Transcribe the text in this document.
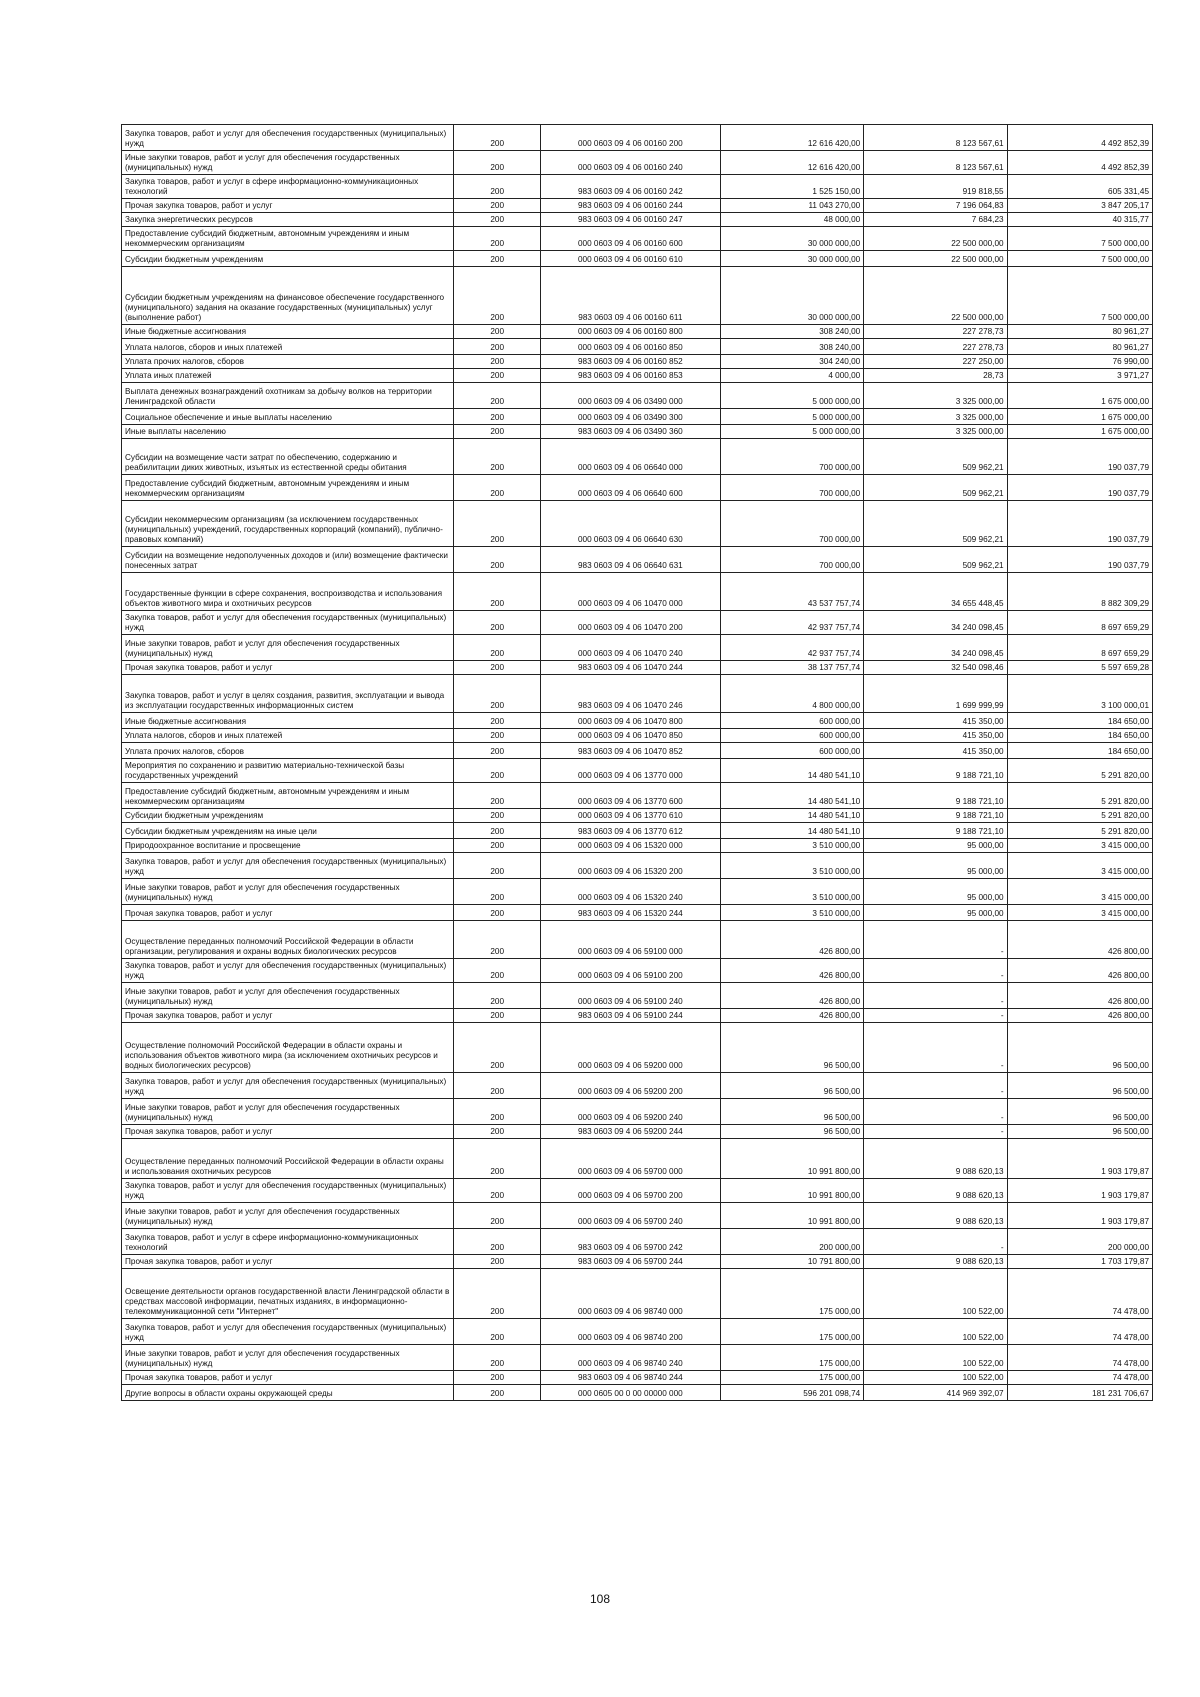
Закупка товаров, работ и услуг для обеспечения государственных (муниципальных) нужд	200	000 0603 09 4 06 00160 200	12 616 420,00	8 123 567,61	4 492 852,39
Иные закупки товаров, работ и услуг для обеспечения государственных (муниципальных) нужд	200	000 0603 09 4 06 00160 240	12 616 420,00	8 123 567,61	4 492 852,39
Закупка товаров, работ и услуг в сфере информационно-коммуникационных технологий	200	983 0603 09 4 06 00160 242	1 525 150,00	919 818,55	605 331,45
Прочая закупка товаров, работ и услуг	200	983 0603 09 4 06 00160 244	11 043 270,00	7 196 064,83	3 847 205,17
Закупка энергетических ресурсов	200	983 0603 09 4 06 00160 247	48 000,00	7 684,23	40 315,77
Предоставление субсидий бюджетным, автономным учреждениям и иным некоммерческим организациям	200	000 0603 09 4 06 00160 600	30 000 000,00	22 500 000,00	7 500 000,00
Субсидии бюджетным учреждениям	200	000 0603 09 4 06 00160 610	30 000 000,00	22 500 000,00	7 500 000,00
Субсидии бюджетным учреждениям на финансовое обеспечение государственного (муниципального) задания на оказание государственных (муниципальных) услуг (выполнение работ)	200	983 0603 09 4 06 00160 611	30 000 000,00	22 500 000,00	7 500 000,00
Иные бюджетные ассигнования	200	000 0603 09 4 06 00160 800	308 240,00	227 278,73	80 961,27
Уплата налогов, сборов и иных платежей	200	000 0603 09 4 06 00160 850	308 240,00	227 278,73	80 961,27
Уплата прочих налогов, сборов	200	983 0603 09 4 06 00160 852	304 240,00	227 250,00	76 990,00
Уплата иных платежей	200	983 0603 09 4 06 00160 853	4 000,00	28,73	3 971,27
Выплата денежных вознаграждений охотникам за добычу волков на территории Ленинградской области	200	000 0603 09 4 06 03490 000	5 000 000,00	3 325 000,00	1 675 000,00
Социальное обеспечение и иные выплаты населению	200	000 0603 09 4 06 03490 300	5 000 000,00	3 325 000,00	1 675 000,00
Иные выплаты населению	200	983 0603 09 4 06 03490 360	5 000 000,00	3 325 000,00	1 675 000,00
Субсидии на возмещение части затрат по обеспечению, содержанию и реабилитации диких животных, изъятых из естественной среды обитания	200	000 0603 09 4 06 06640 000	700 000,00	509 962,21	190 037,79
Предоставление субсидий бюджетным, автономным учреждениям и иным некоммерческим организациям	200	000 0603 09 4 06 06640 600	700 000,00	509 962,21	190 037,79
Субсидии некоммерческим организациям (за исключением государственных (муниципальных) учреждений, государственных корпораций (компаний), публично-правовых компаний)	200	000 0603 09 4 06 06640 630	700 000,00	509 962,21	190 037,79
Субсидии на возмещение недополученных доходов и (или) возмещение фактически понесенных затрат	200	983 0603 09 4 06 06640 631	700 000,00	509 962,21	190 037,79
Государственные функции в сфере сохранения, воспроизводства и использования объектов животного мира и охотничьих ресурсов	200	000 0603 09 4 06 10470 000	43 537 757,74	34 655 448,45	8 882 309,29
Закупка товаров, работ и услуг для обеспечения государственных (муниципальных) нужд	200	000 0603 09 4 06 10470 200	42 937 757,74	34 240 098,45	8 697 659,29
Иные закупки товаров, работ и услуг для обеспечения государственных (муниципальных) нужд	200	000 0603 09 4 06 10470 240	42 937 757,74	34 240 098,45	8 697 659,29
Прочая закупка товаров, работ и услуг	200	983 0603 09 4 06 10470 244	38 137 757,74	32 540 098,46	5 597 659,28
Закупка товаров, работ и услуг в целях создания, развития, эксплуатации и вывода из эксплуатации государственных информационных систем	200	983 0603 09 4 06 10470 246	4 800 000,00	1 699 999,99	3 100 000,01
Иные бюджетные ассигнования	200	000 0603 09 4 06 10470 800	600 000,00	415 350,00	184 650,00
Уплата налогов, сборов и иных платежей	200	000 0603 09 4 06 10470 850	600 000,00	415 350,00	184 650,00
Уплата прочих налогов, сборов	200	983 0603 09 4 06 10470 852	600 000,00	415 350,00	184 650,00
Мероприятия по сохранению и развитию материально-технической базы государственных учреждений	200	000 0603 09 4 06 13770 000	14 480 541,10	9 188 721,10	5 291 820,00
Предоставление субсидий бюджетным, автономным учреждениям и иным некоммерческим организациям	200	000 0603 09 4 06 13770 600	14 480 541,10	9 188 721,10	5 291 820,00
Субсидии бюджетным учреждениям	200	000 0603 09 4 06 13770 610	14 480 541,10	9 188 721,10	5 291 820,00
Субсидии бюджетным учреждениям на иные цели	200	983 0603 09 4 06 13770 612	14 480 541,10	9 188 721,10	5 291 820,00
Природоохранное воспитание и просвещение	200	000 0603 09 4 06 15320 000	3 510 000,00	95 000,00	3 415 000,00
Закупка товаров, работ и услуг для обеспечения государственных (муниципальных) нужд	200	000 0603 09 4 06 15320 200	3 510 000,00	95 000,00	3 415 000,00
Иные закупки товаров, работ и услуг для обеспечения государственных (муниципальных) нужд	200	000 0603 09 4 06 15320 240	3 510 000,00	95 000,00	3 415 000,00
Прочая закупка товаров, работ и услуг	200	983 0603 09 4 06 15320 244	3 510 000,00	95 000,00	3 415 000,00
Осуществление переданных полномочий Российской Федерации в области организации, регулирования и охраны водных биологических ресурсов	200	000 0603 09 4 06 59100 000	426 800,00	-	426 800,00
Закупка товаров, работ и услуг для обеспечения государственных (муниципальных) нужд	200	000 0603 09 4 06 59100 200	426 800,00	-	426 800,00
Иные закупки товаров, работ и услуг для обеспечения государственных (муниципальных) нужд	200	000 0603 09 4 06 59100 240	426 800,00	-	426 800,00
Прочая закупка товаров, работ и услуг	200	983 0603 09 4 06 59100 244	426 800,00	-	426 800,00
Осуществление полномочий Российской Федерации в области охраны и использования объектов животного мира (за исключением охотничьих ресурсов и водных биологических ресурсов)	200	000 0603 09 4 06 59200 000	96 500,00	-	96 500,00
Закупка товаров, работ и услуг для обеспечения государственных (муниципальных) нужд	200	000 0603 09 4 06 59200 200	96 500,00	-	96 500,00
Иные закупки товаров, работ и услуг для обеспечения государственных (муниципальных) нужд	200	000 0603 09 4 06 59200 240	96 500,00	-	96 500,00
Прочая закупка товаров, работ и услуг	200	983 0603 09 4 06 59200 244	96 500,00	-	96 500,00
Осуществление переданных полномочий Российской Федерации в области охраны и использования охотничьих ресурсов	200	000 0603 09 4 06 59700 000	10 991 800,00	9 088 620,13	1 903 179,87
Закупка товаров, работ и услуг для обеспечения государственных (муниципальных) нужд	200	000 0603 09 4 06 59700 200	10 991 800,00	9 088 620,13	1 903 179,87
Иные закупки товаров, работ и услуг для обеспечения государственных (муниципальных) нужд	200	000 0603 09 4 06 59700 240	10 991 800,00	9 088 620,13	1 903 179,87
Закупка товаров, работ и услуг в сфере информационно-коммуникационных технологий	200	983 0603 09 4 06 59700 242	200 000,00	-	200 000,00
Прочая закупка товаров, работ и услуг	200	983 0603 09 4 06 59700 244	10 791 800,00	9 088 620,13	1 703 179,87
Освещение деятельности органов государственной власти Ленинградской области в средствах массовой информации, печатных изданиях, в информационно-телекоммуникационной сети "Интернет"	200	000 0603 09 4 06 98740 000	175 000,00	100 522,00	74 478,00
Закупка товаров, работ и услуг для обеспечения государственных (муниципальных) нужд	200	000 0603 09 4 06 98740 200	175 000,00	100 522,00	74 478,00
Иные закупки товаров, работ и услуг для обеспечения государственных (муниципальных) нужд	200	000 0603 09 4 06 98740 240	175 000,00	100 522,00	74 478,00
Прочая закупка товаров, работ и услуг	200	983 0603 09 4 06 98740 244	175 000,00	100 522,00	74 478,00
Другие вопросы в области охраны окружающей среды	200	000 0605 00 0 00 00000 000	596 201 098,74	414 969 392,07	181 231 706,67
108
